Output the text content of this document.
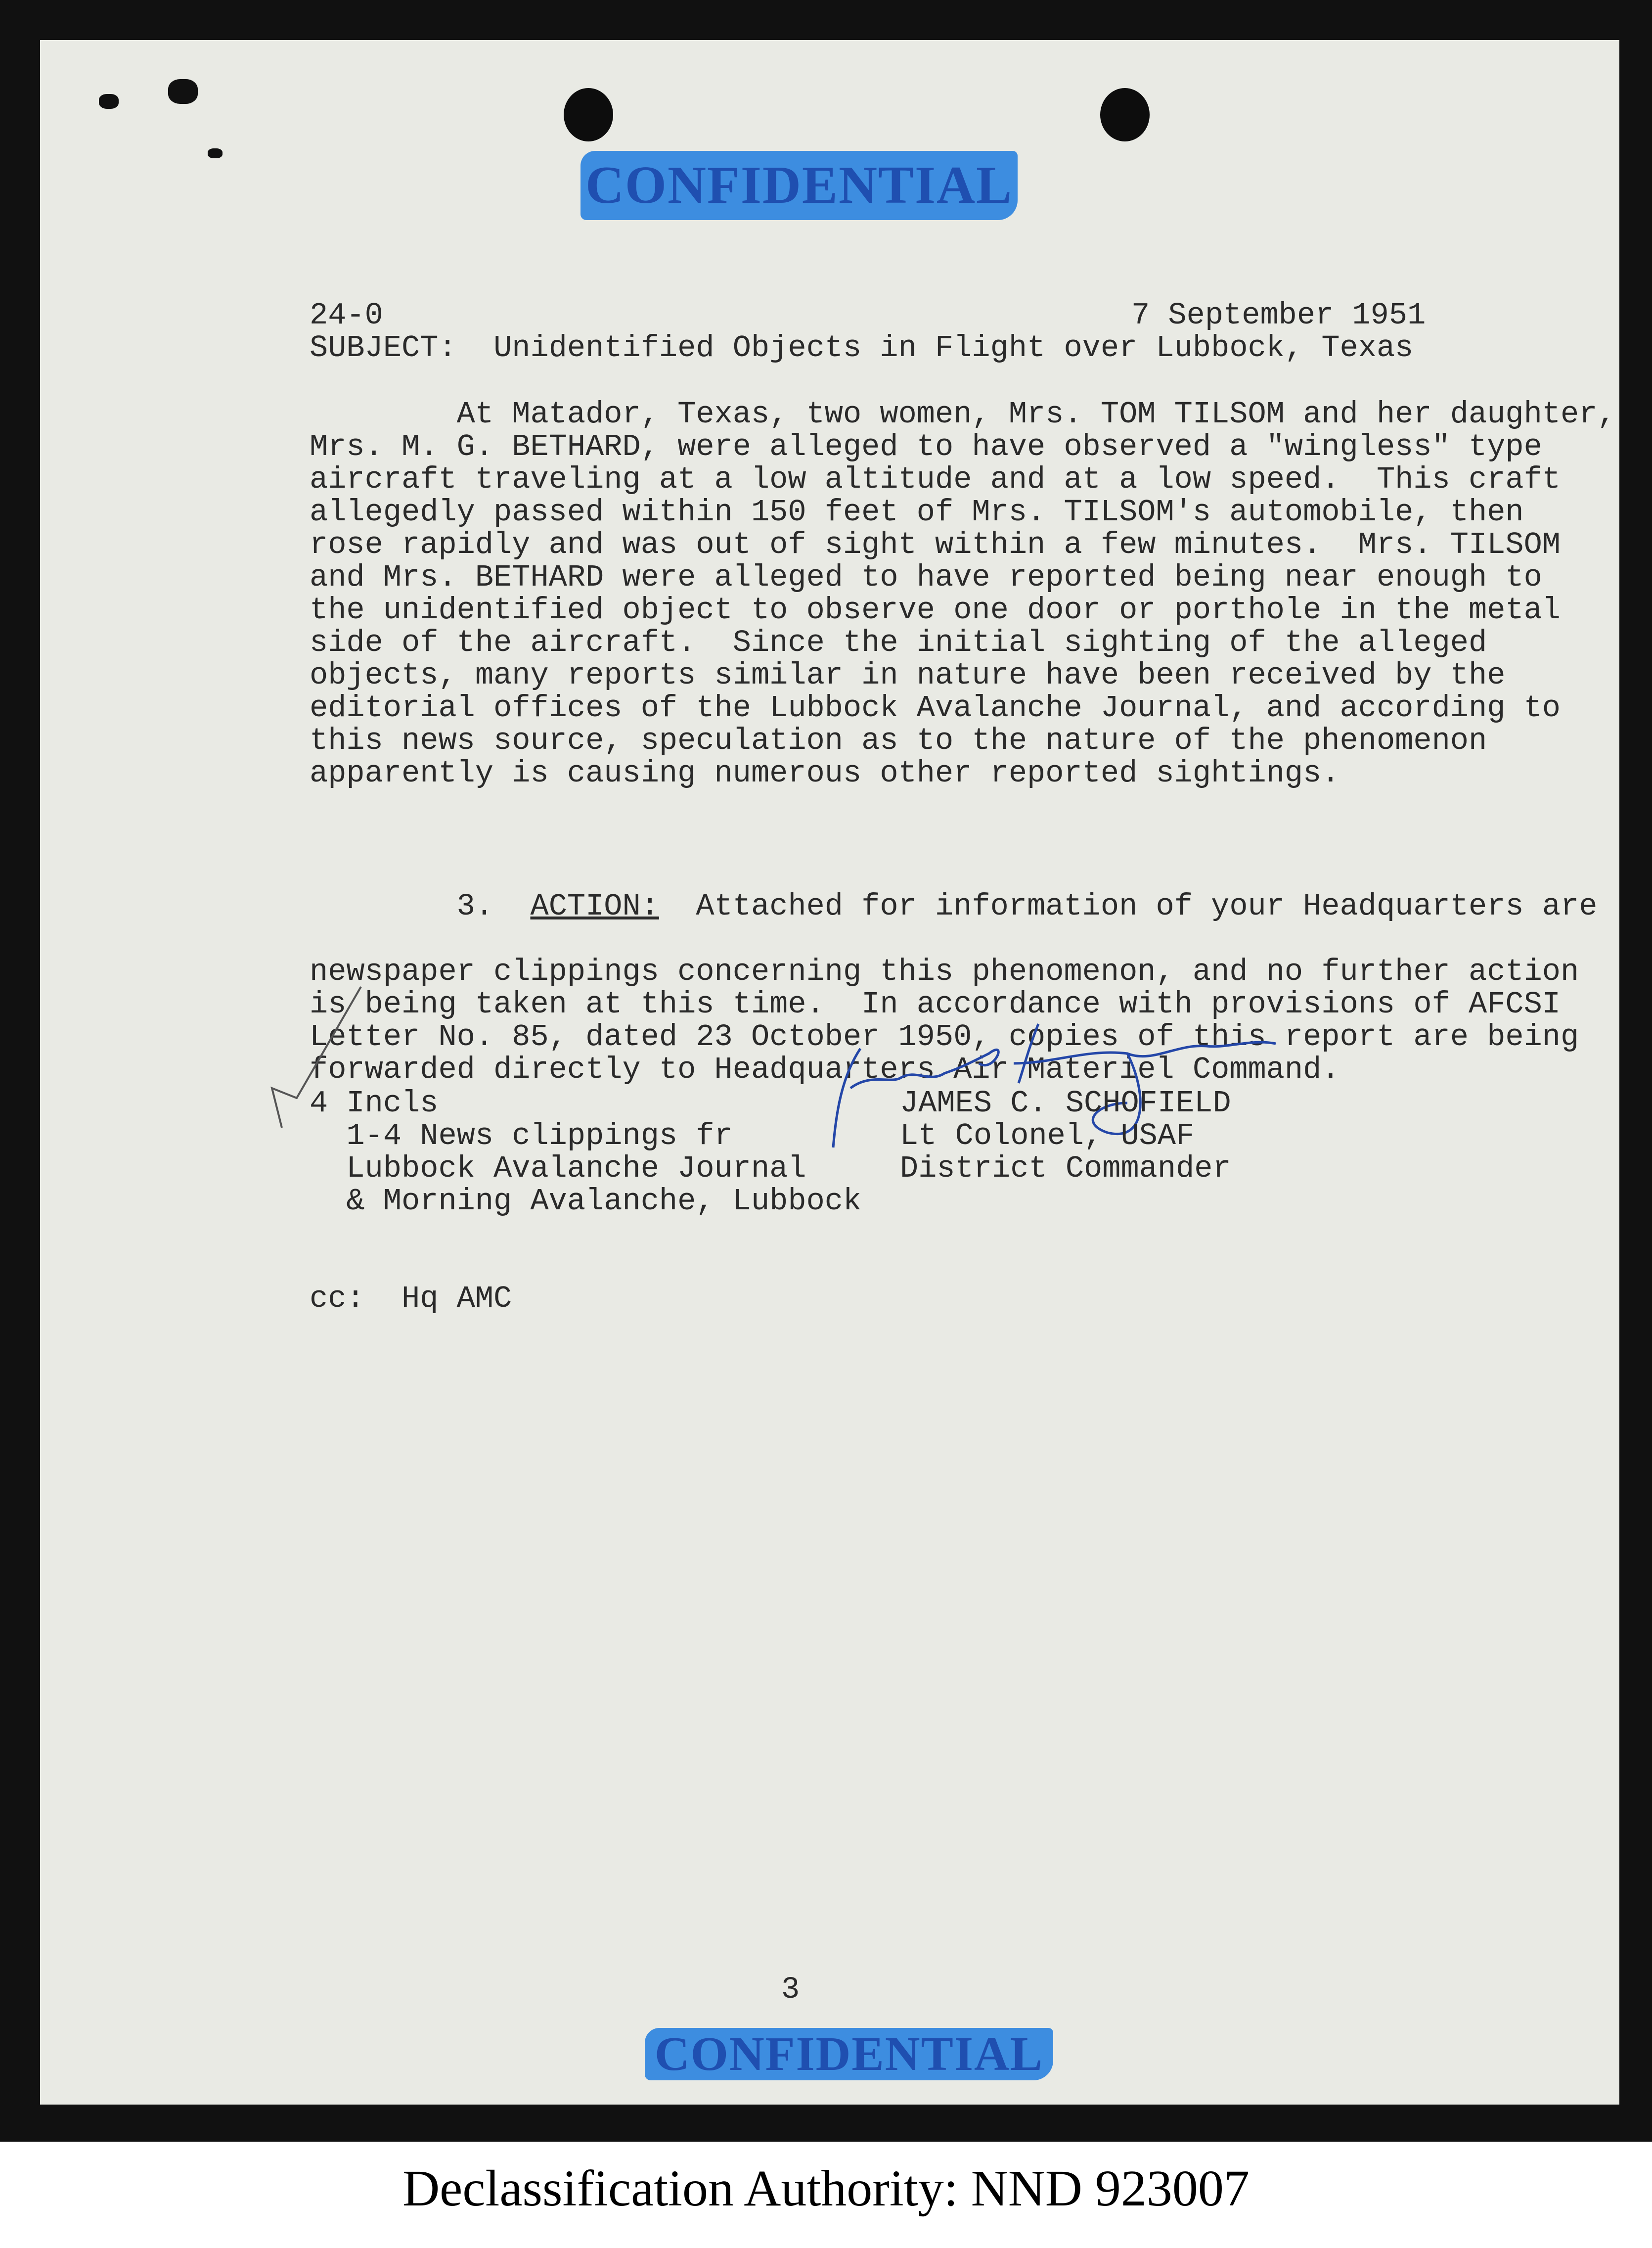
CONFIDENTIAL
24-0	7 September 1951
SUBJECT: Unidentified Objects in Flight over Lubbock, Texas
At Matador, Texas, two women, Mrs. TOM TILSOM and her daughter,
Mrs. M. G. BETHARD, were alleged to have observed a "wingless" type
aircraft traveling at a low altitude and at a low speed.  This craft
allegedly passed within 150 feet of Mrs. TILSOM's automobile, then
rose rapidly and was out of sight within a few minutes.  Mrs. TILSOM
and Mrs. BETHARD were alleged to have reported being near enough to
the unidentified object to observe one door or porthole in the metal
side of the aircraft.  Since the initial sighting of the alleged
objects, many reports similar in nature have been received by the
editorial offices of the Lubbock Avalanche Journal, and according to
this news source, speculation as to the nature of the phenomenon
apparently is causing numerous other reported sightings.

3.  ACTION:  Attached for information of your Headquarters are

newspaper clippings concerning this phenomenon, and no further action
is being taken at this time.  In accordance with provisions of AFCSI
Letter No. 85, dated 23 October 1950, copies of this report are being
forwarded directly to Headquarters Air Materiel Command.
4 Incls
1-4 News clippings fr
Lubbock Avalanche Journal
& Morning Avalanche, Lubbock
JAMES C. SCHOFIELD
Lt Colonel, USAF
District Commander
cc:  Hq AMC
3
CONFIDENTIAL
Declassification Authority: NND 923007
